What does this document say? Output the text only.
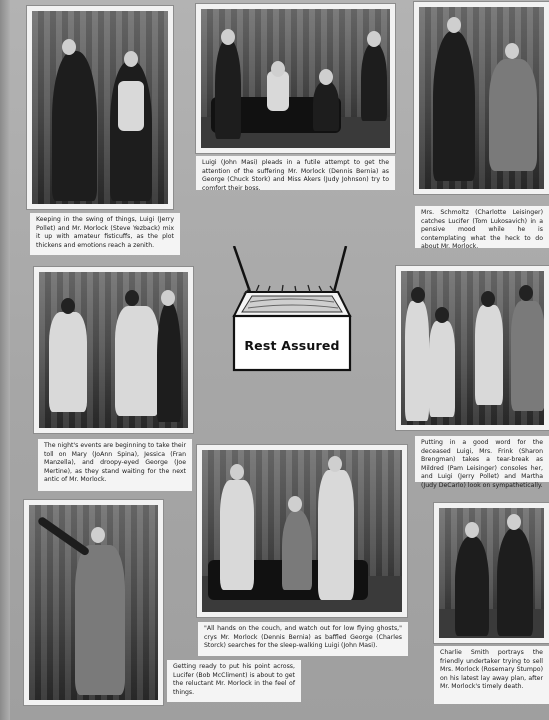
Keeping in the swing of things, Luigi (Jerry Pollet) and Mr. Morlock (Steve Yezback) mix it up with amateur fisticuffs, as the plot thickens and emotions reach a zenith.
Luigi (John Masi) pleads in a futile attempt to get the attention of the suffering Mr. Morlock (Dennis Bernia) as George (Chuck Stork) and Miss Akers (Judy Johnson) try to comfort their boss.
Mrs. Schmoltz (Charlotte Leisinger) catches Lucifer (Tom Lukosavich) in a pensive mood while he is contemplating what the heck to do about Mr. Morlock.
Rest Assured
The night's events are beginning to take their toll on Mary (JoAnn Spina), Jessica (Fran Manzella), and droopy-eyed George (Joe Mertine), as they stand waiting for the next antic of Mr. Morlock.
Putting in a good word for the deceased Luigi, Mrs. Frink (Sharon Brengman) takes a tear-break as Mildred (Pam Leisinger) consoles her, and Luigi (Jerry Pollet) and Martha (Judy DeCarlo) look on sympathetically.
"All hands on the couch, and watch out for low flying ghosts," crys Mr. Morlock (Dennis Bernia) as baffled George (Charles Storck) searches for the sleep-walking Luigi (John Masi).
Getting ready to put his point across, Lucifer (Bob McCliment) is about to get the reluctant Mr. Morlock in the feel of things.
Charlie Smith portrays the friendly undertaker trying to sell Mrs. Morlock (Rosemary Stumpo) on his latest lay away plan, after Mr. Morlock's timely death.
